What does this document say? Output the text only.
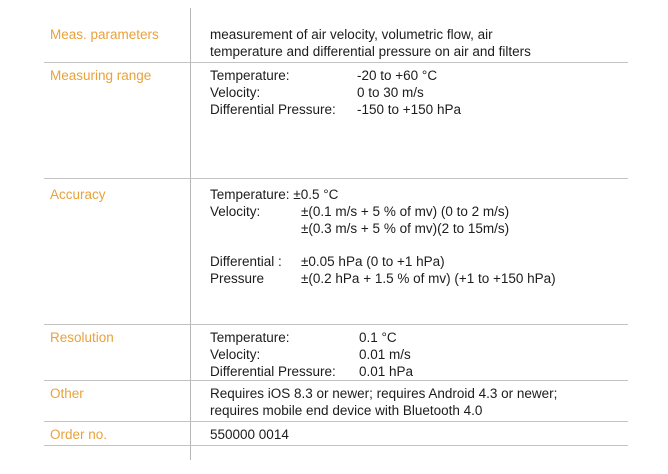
Meas. parameters	measurement of air velocity, volumetric flow, air
temperature and differential pressure on air and filters
Measuring range	Temperature:	-20 to +60 °C
Velocity:	0 to 30 m/s
Differential Pressure: -150 to +150 hPa
Accuracy	Temperature: ±0.5 °C
Velocity:	±(0.1 m/s + 5 % of mv) (0 to 2 m/s)
±(0.3 m/s + 5 % of mv)(2 to 15m/s)
Differential : ±0.05 hPa (0 to +1 hPa)
Pressure	±(0.2 hPa + 1.5 % of mv) (+1 to +150 hPa)
Resolution	Temperature:	0.1 °C
Velocity:	0.01 m/s
Differential Pressure: 0.01 hPa
Other	Requires iOS 8.3 or newer; requires Android 4.3 or newer;
requires mobile end device with Bluetooth 4.0
Order no.	550000 0014
